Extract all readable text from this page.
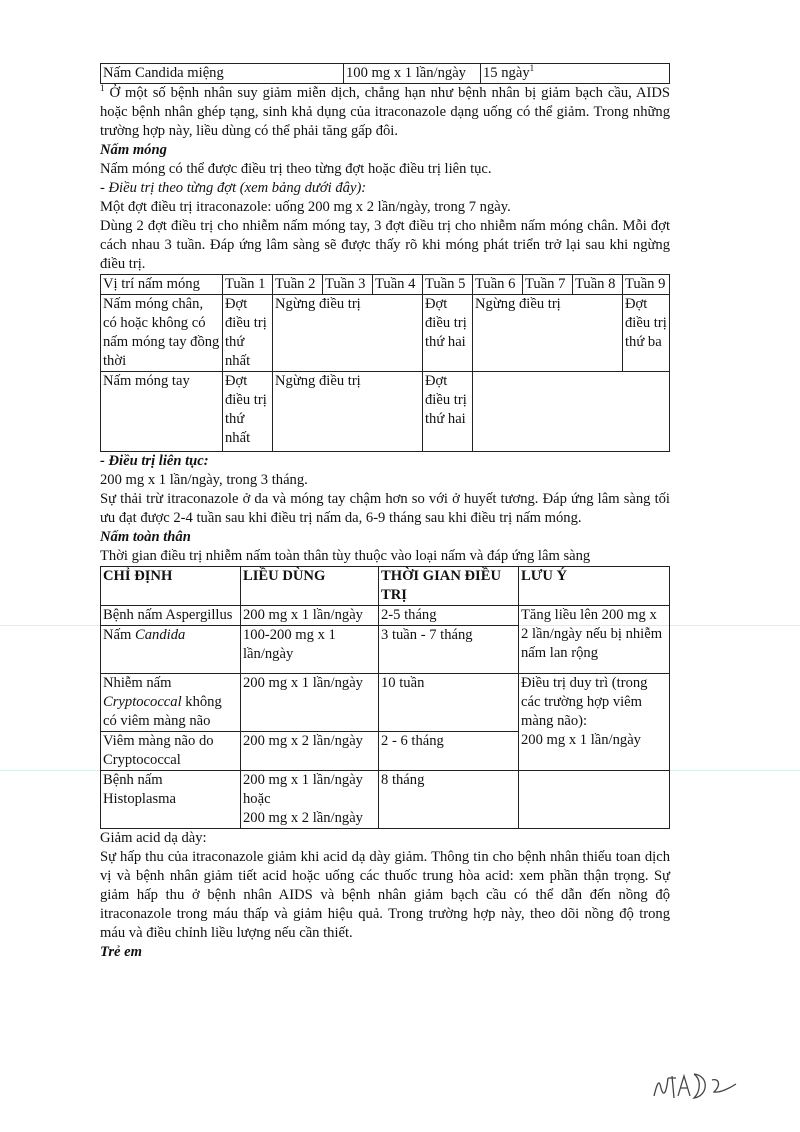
Nấm Candida miệng	100 mg x 1 lần/ngày	15 ngày$^1$

$^1$ Ở một số bệnh nhân suy giảm miễn dịch, chẳng hạn như bệnh nhân bị giảm bạch cầu, AIDS hoặc bệnh nhân ghép tạng, sinh khả dụng của itraconazole dạng uống có thể giảm. Trong những trường hợp này, liều dùng có thể phải tăng gấp đôi.

Nấm móng

Nấm móng có thể được điều trị theo từng đợt hoặc điều trị liên tục.

- Điều trị theo từng đợt (xem bảng dưới đây):

Một đợt điều trị itraconazole: uống 200 mg x 2 lần/ngày, trong 7 ngày.

Dùng 2 đợt điều trị cho nhiễm nấm móng tay, 3 đợt điều trị cho nhiễm nấm móng chân. Mỗi đợt cách nhau 3 tuần. Đáp ứng lâm sàng sẽ được thấy rõ khi móng phát triển trở lại sau khi ngừng điều trị.

Vị trí nấm móng	Tuần 1	Tuần 2	Tuần 3	Tuần 4	Tuần 5	Tuần 6	Tuần 7	Tuần 8	Tuần 9
Nấm móng chân, có hoặc không có nấm móng tay đồng thời	Đợt điều trị thứ nhất	Ngừng điều trị			Đợt điều trị thứ hai	Ngừng điều trị			Đợt điều trị thứ ba
Nấm móng tay	Đợt điều trị thứ nhất	Ngừng điều trị			Đợt điều trị thứ hai				

- Điều trị liên tục:

200 mg x 1 lần/ngày, trong 3 tháng.

Sự thải trừ itraconazole ở da và móng tay chậm hơn so với ở huyết tương. Đáp ứng lâm sàng tối ưu đạt được 2-4 tuần sau khi điều trị nấm da, 6-9 tháng sau khi điều trị nấm móng.

Nấm toàn thân

Thời gian điều trị nhiễm nấm toàn thân tùy thuộc vào loại nấm và đáp ứng lâm sàng

CHỈ ĐỊNH	LIỀU DÙNG	THỜI GIAN ĐIỀU TRỊ	LƯU Ý
Bệnh nấm Aspergillus	200 mg x 1 lần/ngày	2-5 tháng	Tăng liều lên 200 mg x 2 lần/ngày nếu bị nhiễm nấm lan rộng
Nấm Candida	100-200 mg x 1 lần/ngày	3 tuần - 7 tháng	
Nhiễm nấm Cryptococcal không có viêm màng não	200 mg x 1 lần/ngày	10 tuần	Điều trị duy trì (trong các trường hợp viêm màng não):
200 mg x 1 lần/ngày

Viêm màng não do Cryptococcal	200 mg x 2 lần/ngày	2 - 6 tháng	
Bệnh nấm Histoplasma	200 mg x 1 lần/ngày hoặc
200 mg x 2 lần/ngày	8 tháng	

Giảm acid dạ dày:

Sự hấp thu của itraconazole giảm khi acid dạ dày giảm. Thông tin cho bệnh nhân thiếu toan dịch vị và bệnh nhân giảm tiết acid hoặc uống các thuốc trung hòa acid: xem phần thận trọng. Sự giảm hấp thu ở bệnh nhân AIDS và bệnh nhân giảm bạch cầu có thể dẫn đến nồng độ itraconazole trong máu thấp và giảm hiệu quả. Trong trường hợp này, theo dõi nồng độ trong máu và điều chỉnh liều lượng nếu cần thiết.

Trẻ em
